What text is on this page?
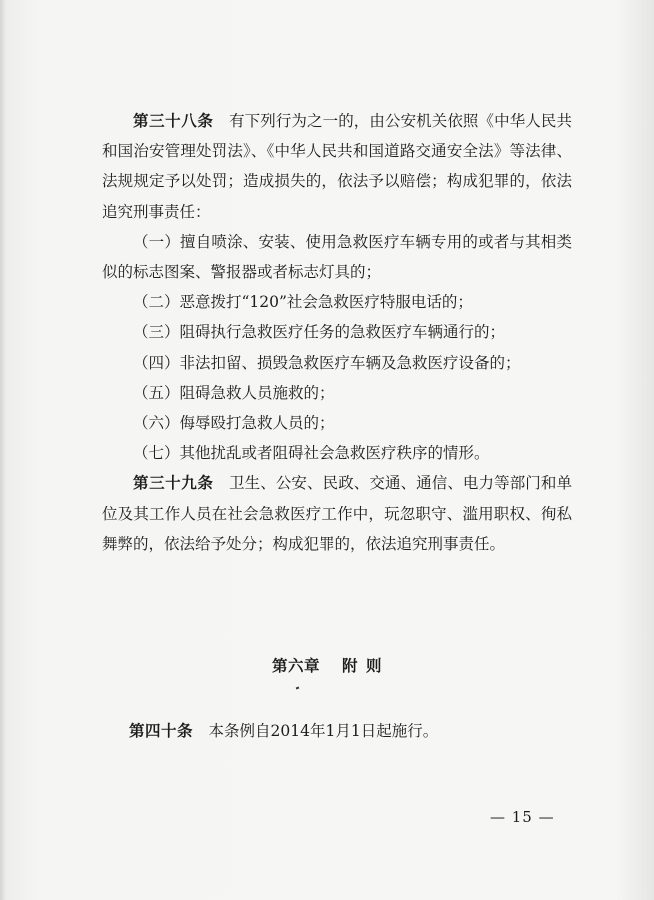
第三十八条　 有下列行为之一的，由公安机关依照《中华人民共和国治安管理处罚法》、《中华人民共和国道路交通安全法》等法律、法规规定予以处罚；造成损失的，依法予以赔偿；构成犯罪的，依法追究刑事责任：

（一）擅自喷涂、安装、使用急救医疗车辆专用的或者与其相类似的标志图案、警报器或者标志灯具的；

（二）恶意拨打“120”社会急救医疗特服电话的；

（三）阻碍执行急救医疗任务的急救医疗车辆通行的；

（四）非法扣留、损毁急救医疗车辆及急救医疗设备的；

（五）阻碍急救人员施救的；

（六）侮辱殴打急救人员的；

（七）其他扰乱或者阻碍社会急救医疗秩序的情形。

第三十九条　 卫生、公安、民政、交通、通信、电力等部门和单位及其工作人员在社会急救医疗工作中，玩忽职守、滥用职权、徇私舞弊的，依法给予处分；构成犯罪的，依法追究刑事责任。

第六章 附 则

第四十条　 本条例自2014年1月1日起施行。

— 15 —
